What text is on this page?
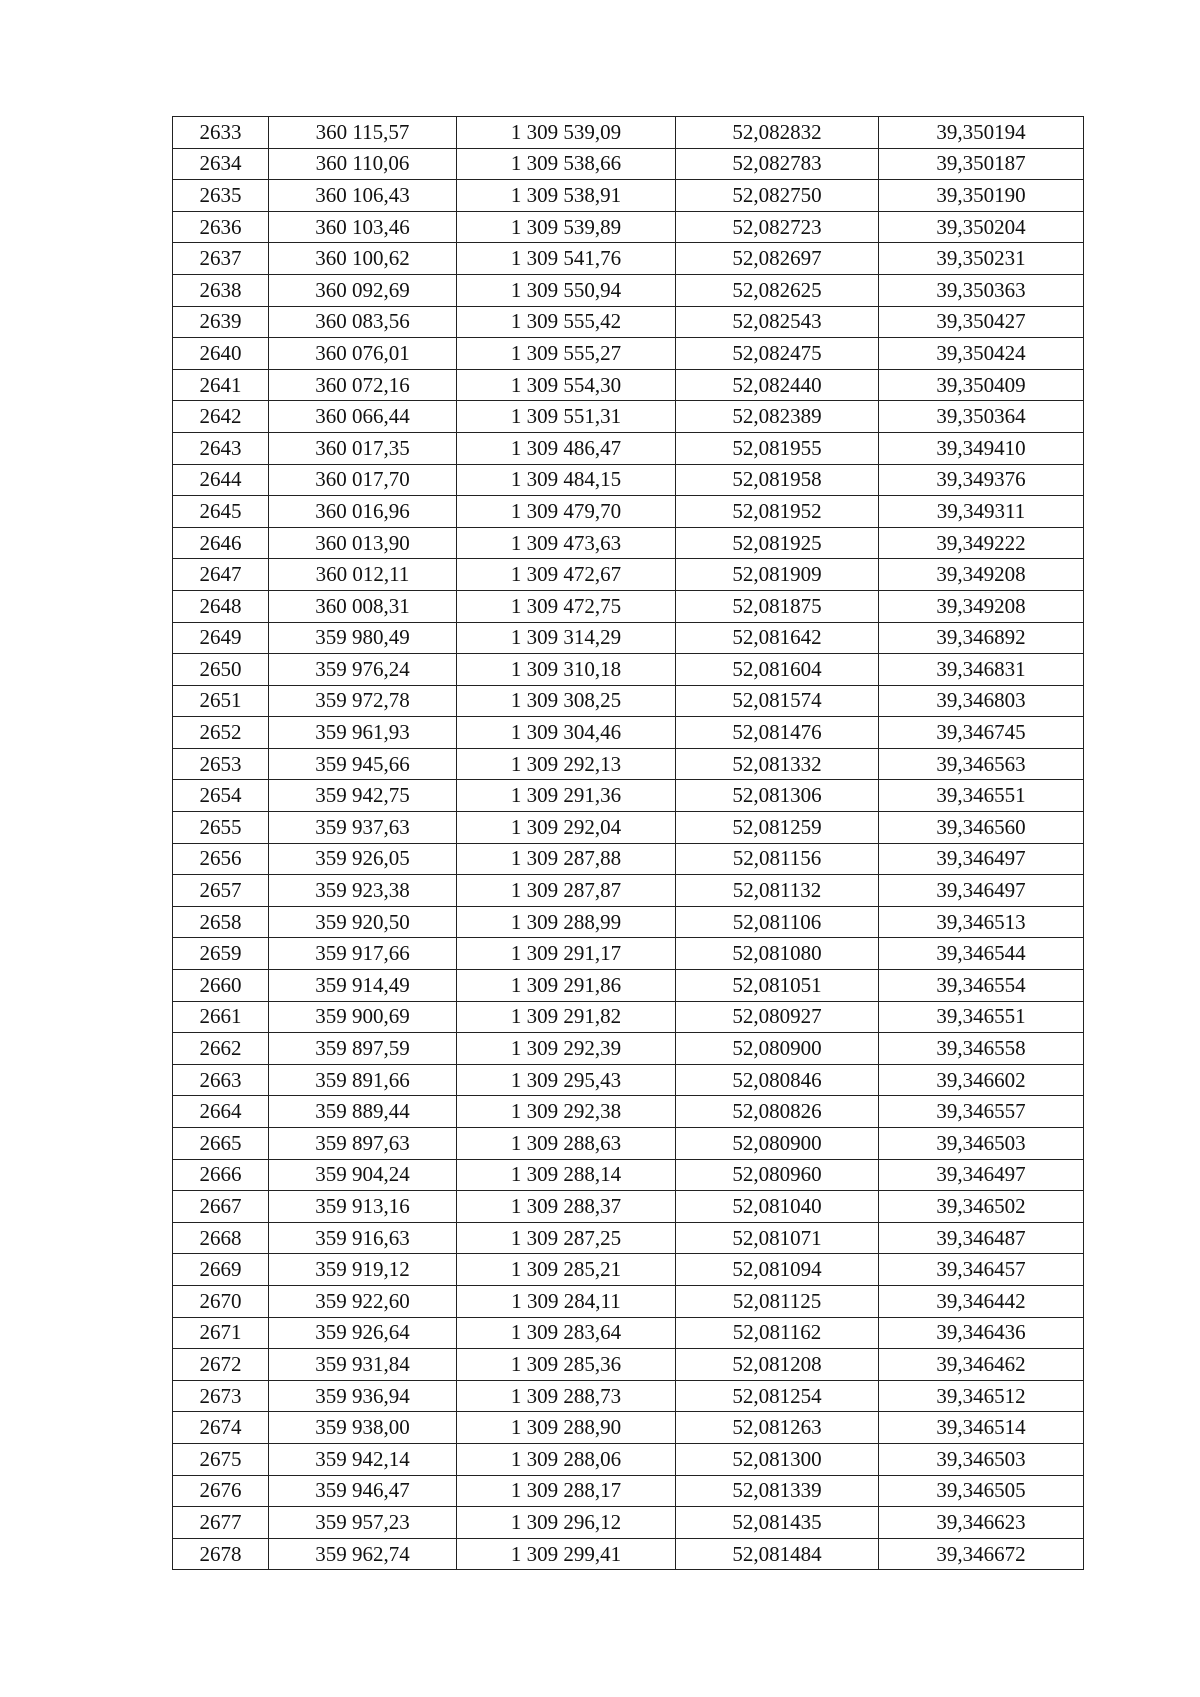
2633	360 115,57	1 309 539,09	52,082832	39,350194
2634	360 110,06	1 309 538,66	52,082783	39,350187
2635	360 106,43	1 309 538,91	52,082750	39,350190
2636	360 103,46	1 309 539,89	52,082723	39,350204
2637	360 100,62	1 309 541,76	52,082697	39,350231
2638	360 092,69	1 309 550,94	52,082625	39,350363
2639	360 083,56	1 309 555,42	52,082543	39,350427
2640	360 076,01	1 309 555,27	52,082475	39,350424
2641	360 072,16	1 309 554,30	52,082440	39,350409
2642	360 066,44	1 309 551,31	52,082389	39,350364
2643	360 017,35	1 309 486,47	52,081955	39,349410
2644	360 017,70	1 309 484,15	52,081958	39,349376
2645	360 016,96	1 309 479,70	52,081952	39,349311
2646	360 013,90	1 309 473,63	52,081925	39,349222
2647	360 012,11	1 309 472,67	52,081909	39,349208
2648	360 008,31	1 309 472,75	52,081875	39,349208
2649	359 980,49	1 309 314,29	52,081642	39,346892
2650	359 976,24	1 309 310,18	52,081604	39,346831
2651	359 972,78	1 309 308,25	52,081574	39,346803
2652	359 961,93	1 309 304,46	52,081476	39,346745
2653	359 945,66	1 309 292,13	52,081332	39,346563
2654	359 942,75	1 309 291,36	52,081306	39,346551
2655	359 937,63	1 309 292,04	52,081259	39,346560
2656	359 926,05	1 309 287,88	52,081156	39,346497
2657	359 923,38	1 309 287,87	52,081132	39,346497
2658	359 920,50	1 309 288,99	52,081106	39,346513
2659	359 917,66	1 309 291,17	52,081080	39,346544
2660	359 914,49	1 309 291,86	52,081051	39,346554
2661	359 900,69	1 309 291,82	52,080927	39,346551
2662	359 897,59	1 309 292,39	52,080900	39,346558
2663	359 891,66	1 309 295,43	52,080846	39,346602
2664	359 889,44	1 309 292,38	52,080826	39,346557
2665	359 897,63	1 309 288,63	52,080900	39,346503
2666	359 904,24	1 309 288,14	52,080960	39,346497
2667	359 913,16	1 309 288,37	52,081040	39,346502
2668	359 916,63	1 309 287,25	52,081071	39,346487
2669	359 919,12	1 309 285,21	52,081094	39,346457
2670	359 922,60	1 309 284,11	52,081125	39,346442
2671	359 926,64	1 309 283,64	52,081162	39,346436
2672	359 931,84	1 309 285,36	52,081208	39,346462
2673	359 936,94	1 309 288,73	52,081254	39,346512
2674	359 938,00	1 309 288,90	52,081263	39,346514
2675	359 942,14	1 309 288,06	52,081300	39,346503
2676	359 946,47	1 309 288,17	52,081339	39,346505
2677	359 957,23	1 309 296,12	52,081435	39,346623
2678	359 962,74	1 309 299,41	52,081484	39,346672
